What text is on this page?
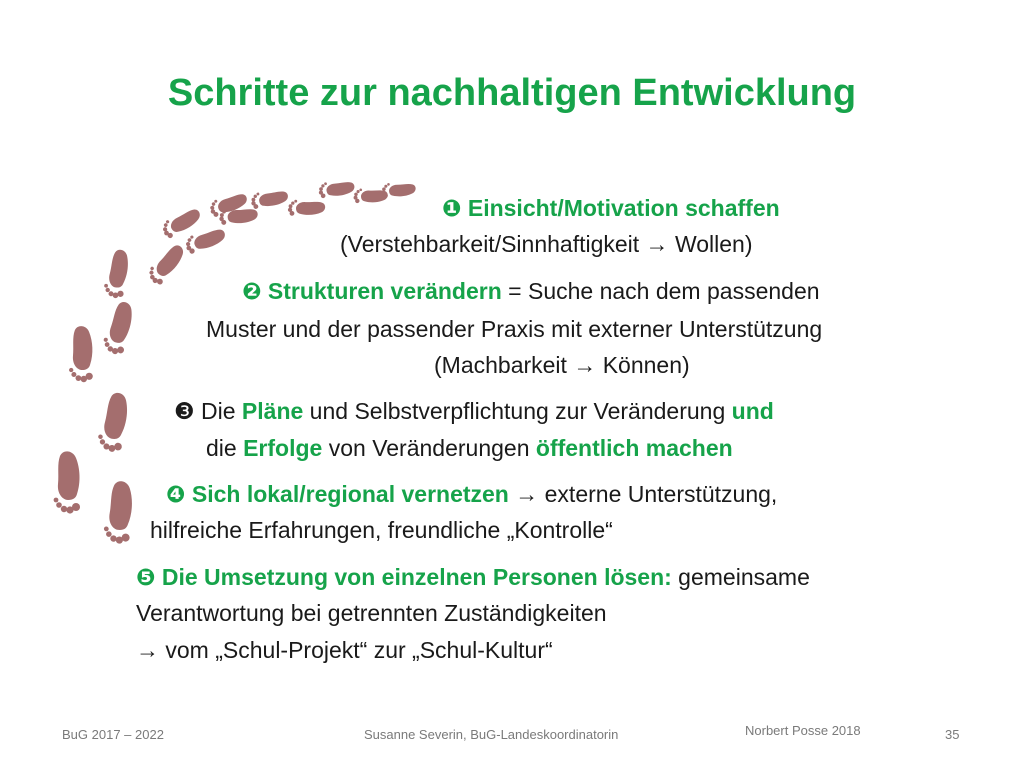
Schritte zur nachhaltigen Entwicklung
❶ Einsicht/Motivation schaffen
(Verstehbarkeit/Sinnhaftigkeit → Wollen)
❷ Strukturen verändern = Suche nach dem passenden
Muster und der passender Praxis mit externer Unterstützung
(Machbarkeit → Können)
❸ Die Pläne und Selbstverpflichtung zur Veränderung und
die Erfolge von Veränderungen öffentlich machen
❹ Sich lokal/regional vernetzen → externe Unterstützung,
hilfreiche Erfahrungen, freundliche „Kontrolle“
❺ Die Umsetzung von einzelnen Personen lösen: gemeinsame
Verantwortung bei getrennten Zuständigkeiten
→ vom „Schul-Projekt“ zur „Schul-Kultur“
BuG 2017 – 2022	Susanne Severin, BuG-Landeskoordinatorin	Norbert Posse 2018	35
